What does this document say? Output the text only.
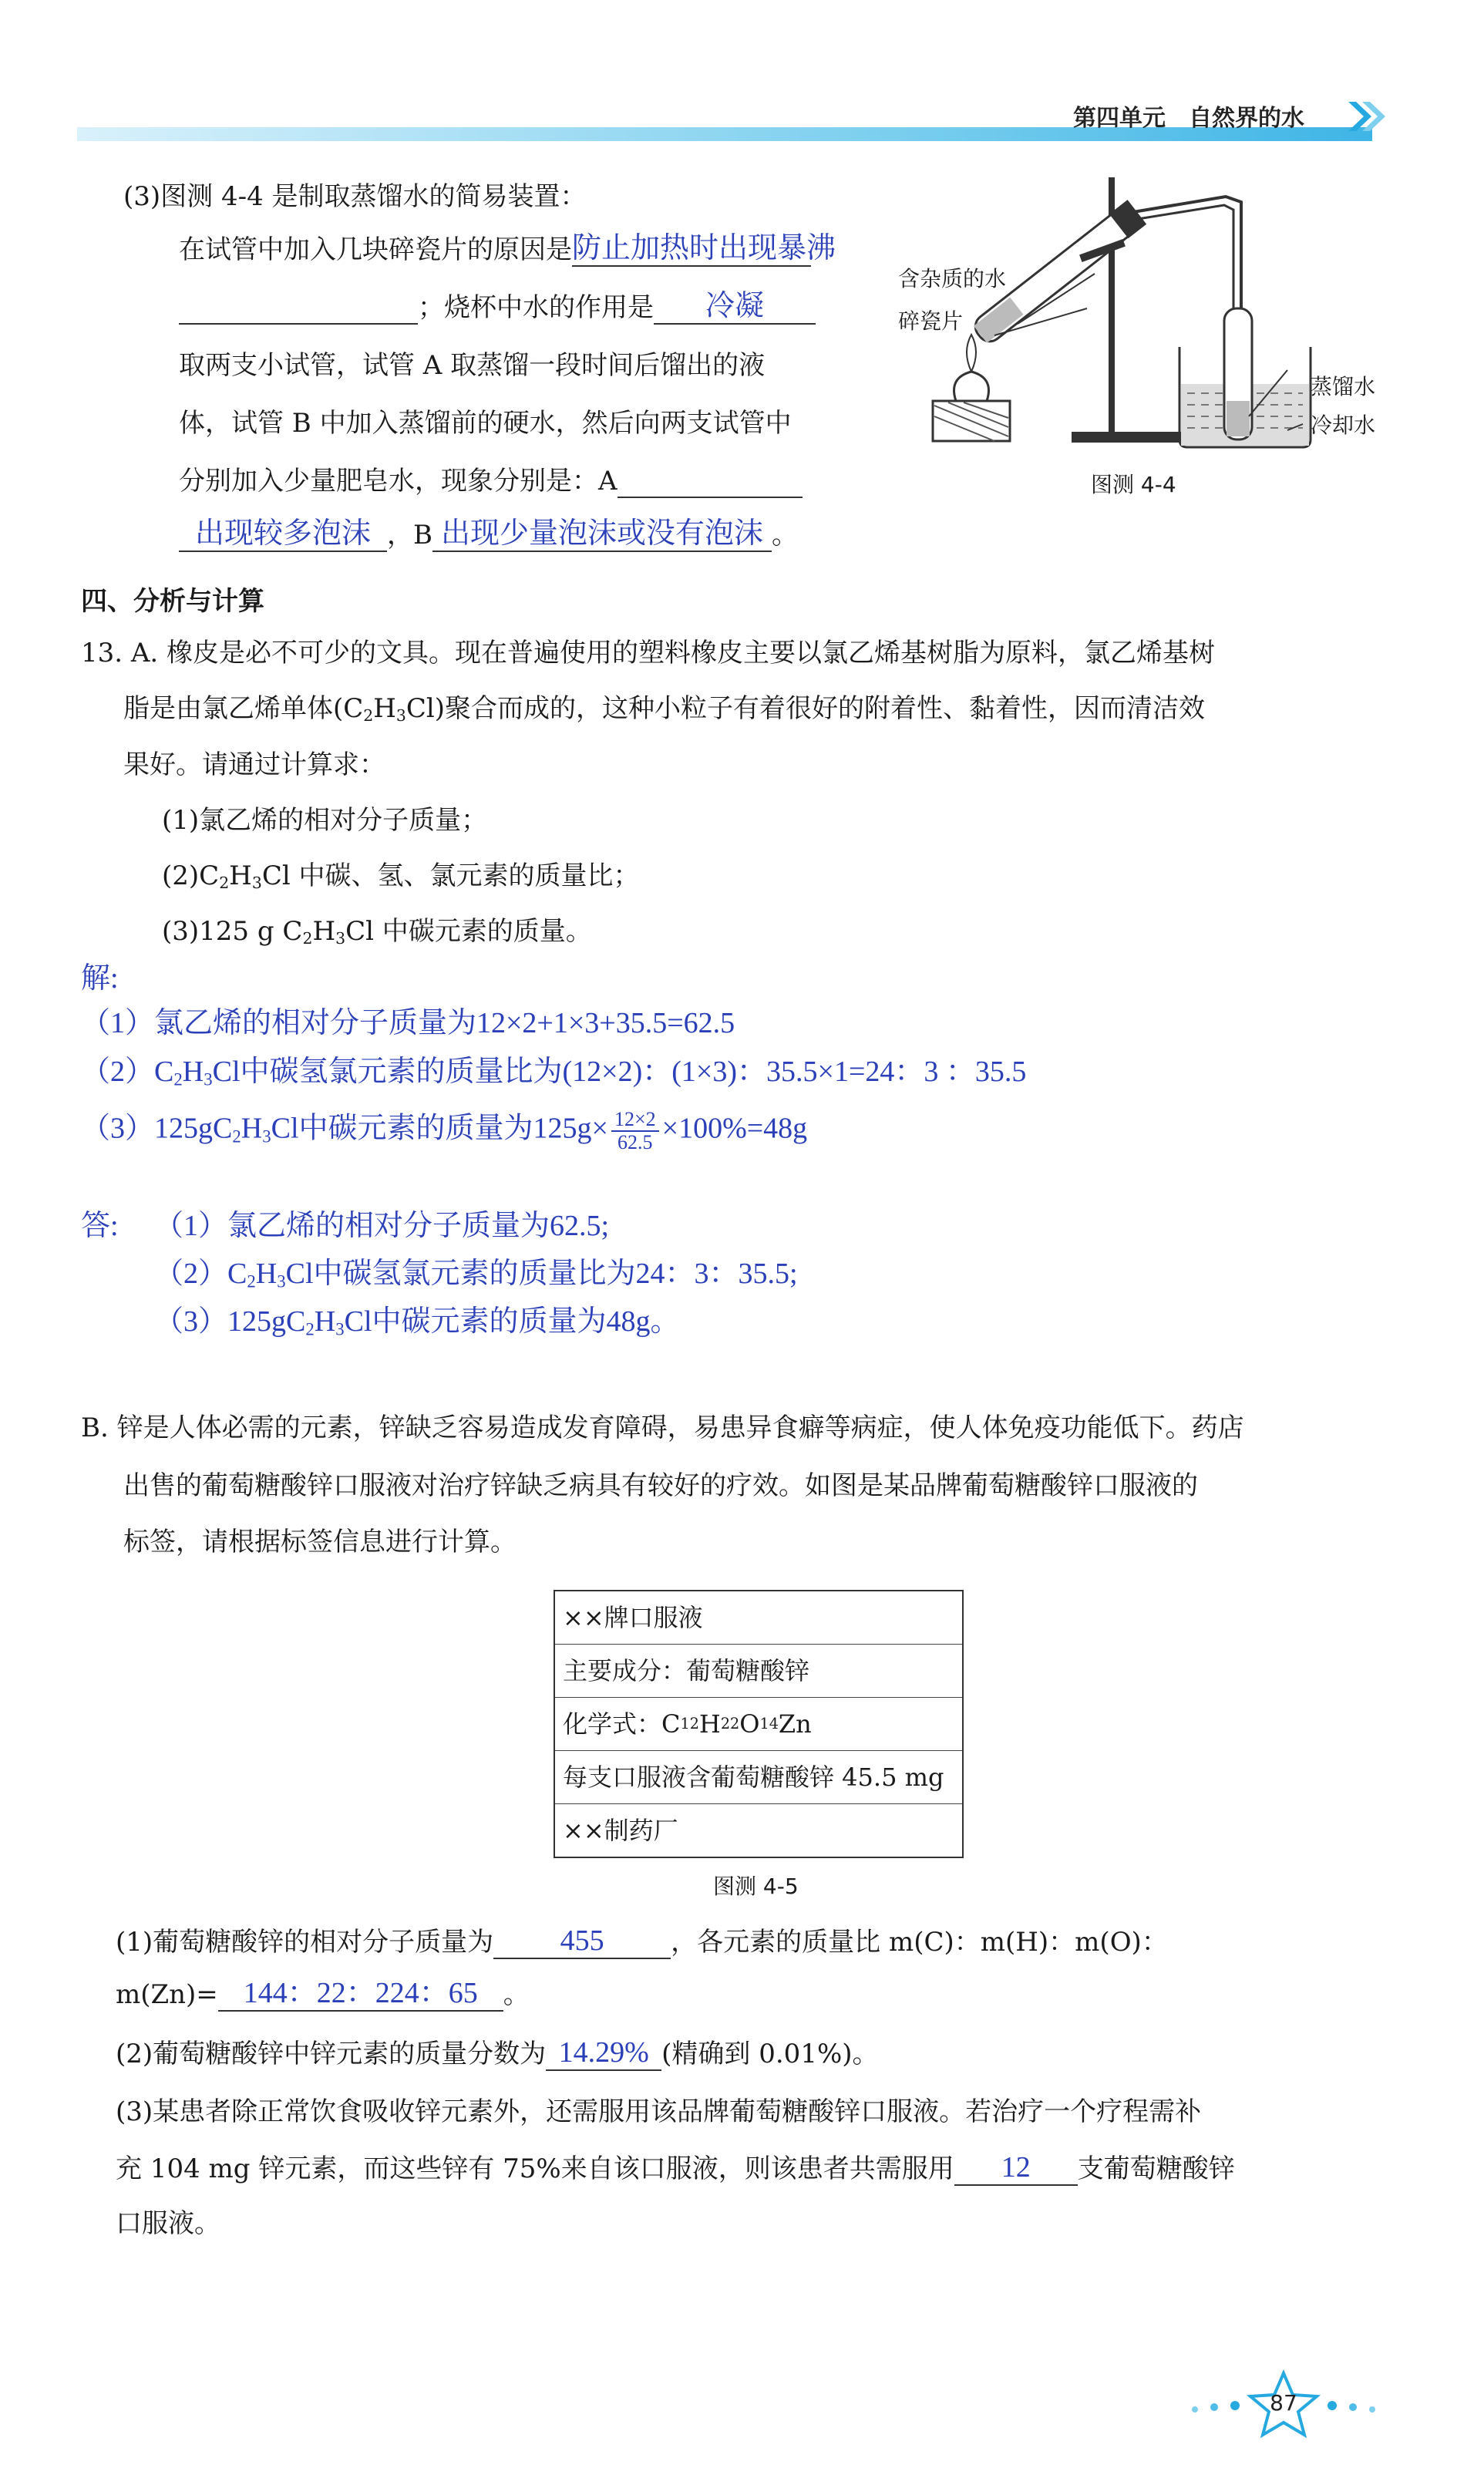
第四单元　自然界的水
(3)图测 4-4 是制取蒸馏水的简易装置：
在试管中加入几块碎瓷片的原因是防止加热时出现暴沸
；烧杯中水的作用是 冷凝
取两支小试管，试管 A 取蒸馏一段时间后馏出的液
体，试管 B 中加入蒸馏前的硬水，然后向两支试管中
分别加入少量肥皂水，现象分别是：A
出现较多泡沫 ，B 出现少量泡沫或没有泡沫 。
含杂质的水
碎瓷片
蒸馏水
冷却水
图测 4-4
四、分析与计算
13. A. 橡皮是必不可少的文具。现在普遍使用的塑料橡皮主要以氯乙烯基树脂为原料，氯乙烯基树
脂是由氯乙烯单体$(C_2H_3Cl)$聚合而成的，这种小粒子有着很好的附着性、黏着性，因而清洁效
果好。请通过计算求：
(1)氯乙烯的相对分子质量；
$(2)C_2H_3Cl$ 中碳、氢、氯元素的质量比；
(3)125 g $C_2H_3Cl$ 中碳元素的质量。
解:
（1）氯乙烯的相对分子质量为12×2+1×3+35.5=62.5
$(2)C_2H_3Cl$中碳氢氯元素的质量比为(12×2)：(1×3)：35.5×1=24：3 ：35.5
$(3)125gC_2H_3Cl$中碳元素的质量为$125g\times \frac{12\times 2}{62.5} \times 100\%=48g$
答: （1）氯乙烯的相对分子质量为62.5;
$(2)C_2H_3Cl$中碳氢氯元素的质量比为24：3：35.5;
$(3)125gC_2H_3Cl$中碳元素的质量为48g。
B. 锌是人体必需的元素，锌缺乏容易造成发育障碍，易患异食癖等病症，使人体免疫功能低下。药店
出售的葡萄糖酸锌口服液对治疗锌缺乏病具有较好的疗效。如图是某品牌葡萄糖酸锌口服液的
标签，请根据标签信息进行计算。
××牌口服液
主要成分：葡萄糖酸锌
化学式：C 12 H 22 O 14 Zn
每支口服液含葡萄糖酸锌 45.5 mg
××制药厂
图测 4-5
(1)葡萄糖酸锌的相对分子质量为 455	，各元素的质量比 m(C)：m(H)：m(O)：
m(Zn)= 144：22：224：65 。
(2)葡萄糖酸锌中锌元素的质量分数为 14.29% (精确到 0.01%)。
(3)某患者除正常饮食吸收锌元素外，还需服用该品牌葡萄糖酸锌口服液。若治疗一个疗程需补
充 104 mg 锌元素，而这些锌有 75%来自该口服液，则该患者共需服用 12 支葡萄糖酸锌
口服液。
87
